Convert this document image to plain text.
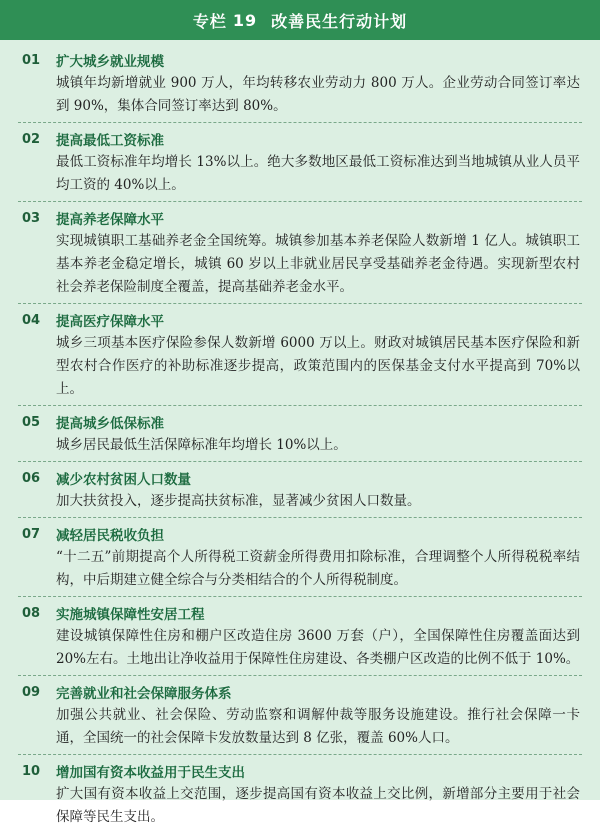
专栏 19 改善民生行动计划
01	扩大城乡就业规模
城镇年均新增就业 900 万人，年均转移农业劳动力 800 万人。企业劳动合同签订率达到 90%，集体合同签订率达到 80%。
02	提高最低工资标准
最低工资标准年均增长 13%以上。绝大多数地区最低工资标准达到当地城镇从业人员平均工资的 40%以上。
03	提高养老保障水平
实现城镇职工基础养老金全国统筹。城镇参加基本养老保险人数新增 1 亿人。城镇职工基本养老金稳定增长，城镇 60 岁以上非就业居民享受基础养老金待遇。实现新型农村社会养老保险制度全覆盖，提高基础养老金水平。
04	提高医疗保障水平
城乡三项基本医疗保险参保人数新增 6000 万以上。财政对城镇居民基本医疗保险和新型农村合作医疗的补助标准逐步提高，政策范围内的医保基金支付水平提高到 70%以上。
05	提高城乡低保标准
城乡居民最低生活保障标准年均增长 10%以上。
06	减少农村贫困人口数量
加大扶贫投入，逐步提高扶贫标准，显著减少贫困人口数量。
07	减轻居民税收负担
“十二五”前期提高个人所得税工资薪金所得费用扣除标准，合理调整个人所得税税率结构，中后期建立健全综合与分类相结合的个人所得税制度。
08	实施城镇保障性安居工程
建设城镇保障性住房和棚户区改造住房 3600 万套（户），全国保障性住房覆盖面达到 20%左右。土地出让净收益用于保障性住房建设、各类棚户区改造的比例不低于 10%。
09	完善就业和社会保障服务体系
加强公共就业、社会保险、劳动监察和调解仲裁等服务设施建设。推行社会保障一卡通，全国统一的社会保障卡发放数量达到 8 亿张，覆盖 60%人口。
10	增加国有资本收益用于民生支出
扩大国有资本收益上交范围，逐步提高国有资本收益上交比例，新增部分主要用于社会保障等民生支出。
